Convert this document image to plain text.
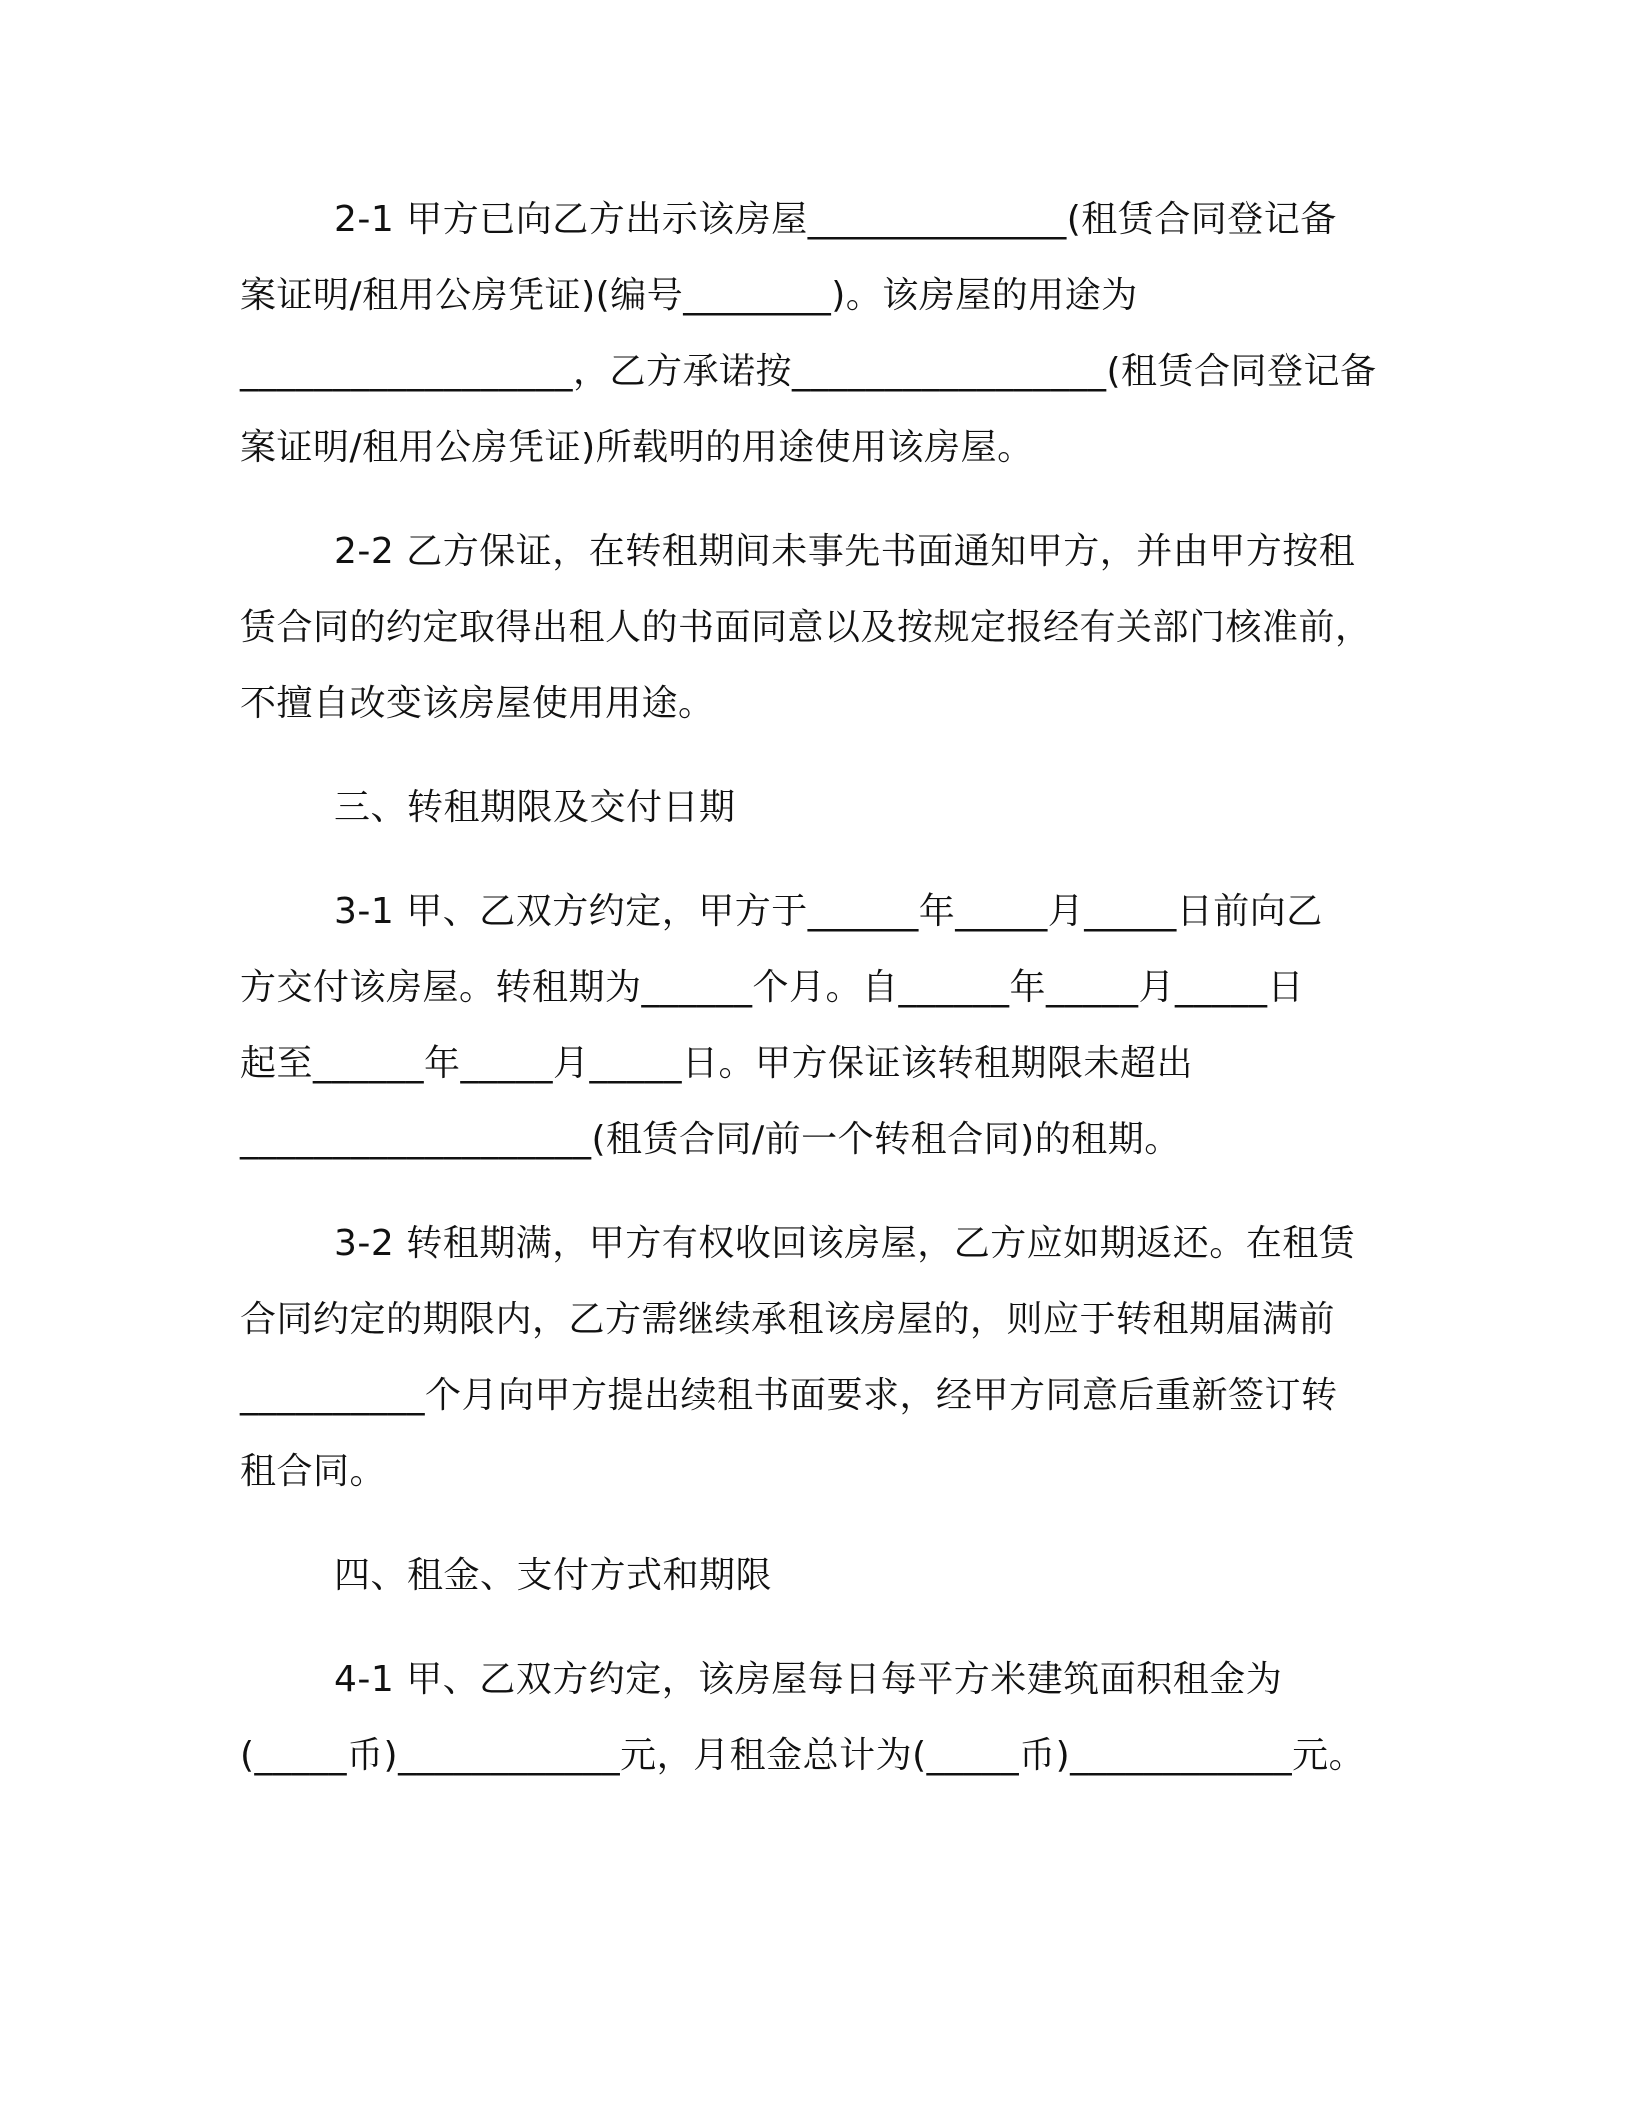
2-1 甲方已向乙方出示该房屋______________(租赁合同登记备
案证明/租用公房凭证)(编号________)。该房屋的用途为
__________________，乙方承诺按_________________(租赁合同登记备
案证明/租用公房凭证)所载明的用途使用该房屋。
2-2 乙方保证，在转租期间未事先书面通知甲方，并由甲方按租
赁合同的约定取得出租人的书面同意以及按规定报经有关部门核准前，
不擅自改变该房屋使用用途。
三、转租期限及交付日期
3-1 甲、乙双方约定，甲方于______年_____月_____日前向乙
方交付该房屋。转租期为______个月。自______年_____月_____日
起至______年_____月_____日。甲方保证该转租期限未超出
___________________(租赁合同/前一个转租合同)的租期。
3-2 转租期满，甲方有权收回该房屋，乙方应如期返还。在租赁
合同约定的期限内，乙方需继续承租该房屋的，则应于转租期届满前
__________个月向甲方提出续租书面要求，经甲方同意后重新签订转
租合同。
四、租金、支付方式和期限
4-1 甲、乙双方约定，该房屋每日每平方米建筑面积租金为
(_____币)____________元，月租金总计为(_____币)____________元。
